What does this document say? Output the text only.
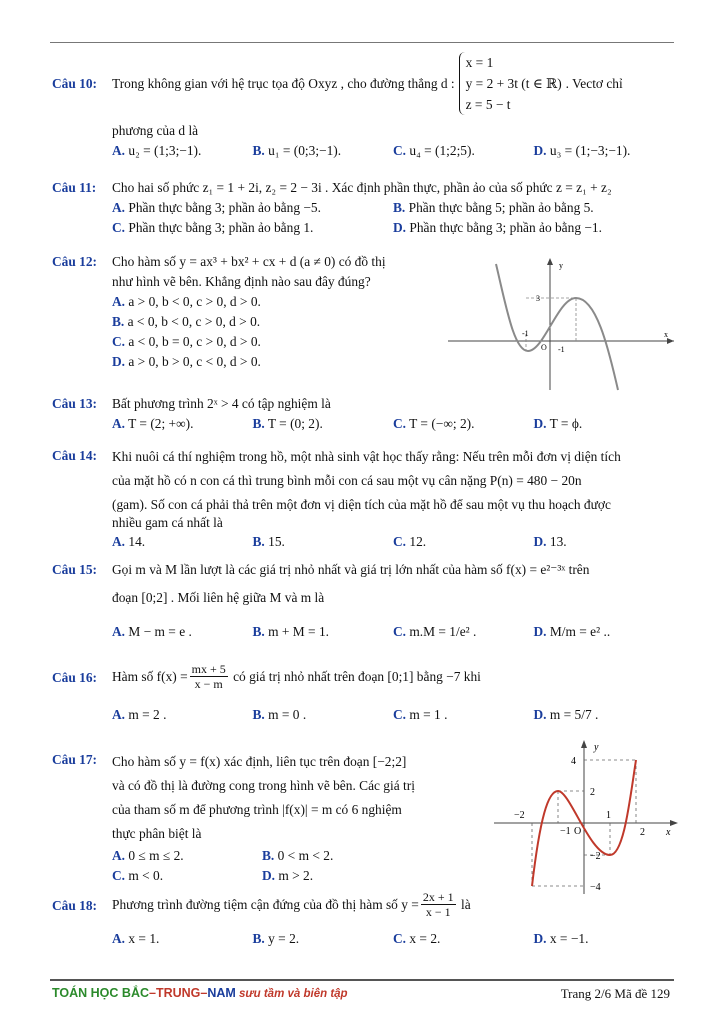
Câu 10: Trong không gian với hệ trục tọa độ Oxyz , cho đường thẳng d :
x = 1
y = 2 + 3t (t ∈ ℝ)
z = 5 − t
. Vectơ chỉ
phương của d là
A. u₂ = (1;3;−1).	B. u₁ = (0;3;−1).	C. u₄ = (1;2;5).	D. u₃ = (1;−3;−1).
Câu 11: Cho hai số phức z₁ = 1 + 2i, z₂ = 2 − 3i . Xác định phần thực, phần ảo của số phức z = z₁ + z₂
A. Phần thực bằng 3; phần ảo bằng −5.	B. Phần thực bằng 5; phần ảo bằng 5.
C. Phần thực bằng 3; phần ảo bằng 1.	D. Phần thực bằng 3; phần ảo bằng −1.
Câu 12: Cho hàm số y = ax³ + bx² + cx + d (a ≠ 0) có đồ thị
như hình vẽ bên. Khẳng định nào sau đây đúng?
A. a > 0, b < 0, c > 0, d > 0.
B. a < 0, b < 0, c > 0, d > 0.
C. a < 0, b = 0, c > 0, d > 0.
D. a > 0, b > 0, c < 0, d > 0.
y
x
3
-1
O -1
Câu 13: Bất phương trình 2ˣ > 4 có tập nghiệm là
A. T = (2; +∞).	B. T = (0; 2).	C. T = (−∞; 2).	D. T = ϕ.
Câu 14: Khi nuôi cá thí nghiệm trong hồ, một nhà sinh vật học thấy rằng: Nếu trên mỗi đơn vị diện tích
của mặt hồ có n con cá thì trung bình mỗi con cá sau một vụ cân nặng P(n) = 480 − 20n
(gam). Số con cá phải thả trên một đơn vị diện tích của mặt hồ để sau một vụ thu hoạch được
nhiều gam cá nhất là
A. 14.	B. 15.	C. 12.	D. 13.
Câu 15: Gọi m và M lần lượt là các giá trị nhỏ nhất và giá trị lớn nhất của hàm số f(x) = e²⁻³ˣ trên
đoạn [0;2] . Mối liên hệ giữa M và m là
A. M − m = e .	B. m + M = 1.	C. m.M = 1/e² .	D. M/m = e² ..
Câu 16: Hàm số
$f(x) = \frac{mx + 5}{x - m}$
có giá trị nhỏ nhất trên đoạn [0;1] bằng −7 khi
A. m = 2 .	B. m = 0 .	C. m = 1 .	D. m = 5/7 .
Câu 17: Cho hàm số y = f(x) xác định, liên tục trên đoạn [−2;2]
và có đồ thị là đường cong trong hình vẽ bên. Các giá trị
của tham số m để phương trình |f(x)| = m có 6 nghiệm
thực phân biệt là
A. 0 ≤ m ≤ 2.	B. 0 < m < 2.
C. m < 0.	D. m > 2.
y
x
4
2
−2
−1 O
1
2
−2
−4
Câu 18: Phương trình đường tiệm cận đứng của đồ thị hàm số
$y = \frac{2x + 1}{x - 1}$
là
A. x = 1.	B. y = 2.	C. x = 2.	D. x = −1.
TOÁN HỌC BẮC–TRUNG–NAM sưu tầm và biên tập	Trang 2/6 Mã đề 129
